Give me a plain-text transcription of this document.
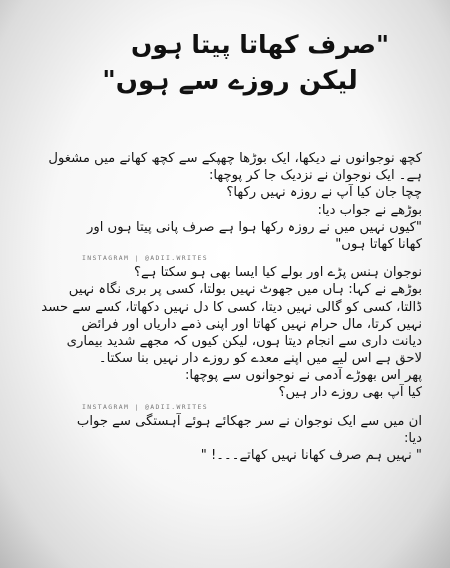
"صرف کھاتا پیتا ہوں
لیکن روزے سے ہوں"
کچھ نوجوانوں نے دیکھا، ایک بوڑھا چھپکے سے کچھ کھانے میں مشغول
ہے۔ ایک نوجوان نے نزدیک جا کر پوچھا:
چچا جان کیا آپ نے روزہ نہیں رکھا؟
بوڑھے نے جواب دیا:
"کیوں نہیں میں نے روزہ رکھا ہوا ہے صرف پانی پیتا ہوں اور
کھانا کھاتا ہوں"
INSTAGRAM | @ADII.WRITES
نوجوان ہنس پڑے اور بولے کیا ایسا بھی ہو سکتا ہے؟
بوڑھے نے کہا: ہاں میں جھوٹ نہیں بولتا، کسی پر بری نگاہ نہیں
ڈالتا، کسی کو گالی نہیں دیتا، کسی کا دل نہیں دکھاتا، کسے سے حسد
نہیں کرتا، مال حرام نہیں کھاتا اور اپنی ذمے داریاں اور فرائض
دیانت داری سے انجام دیتا ہوں، لیکن کیوں کہ مجھے شدید بیماری
لاحق ہے اس لیے میں اپنے معدے کو روزے دار نہیں بنا سکتا۔
پھر اس بھوڑے آدمی نے نوجوانوں سے پوچھا:
کیا آپ بھی روزے دار ہیں؟
INSTAGRAM | @ADII.WRITES
ان میں سے ایک نوجوان نے سر جھکائے ہوئے آہستگی سے جواب
دیا:
" نہیں ہم صرف کھانا نہیں کھاتے۔۔۔! "
